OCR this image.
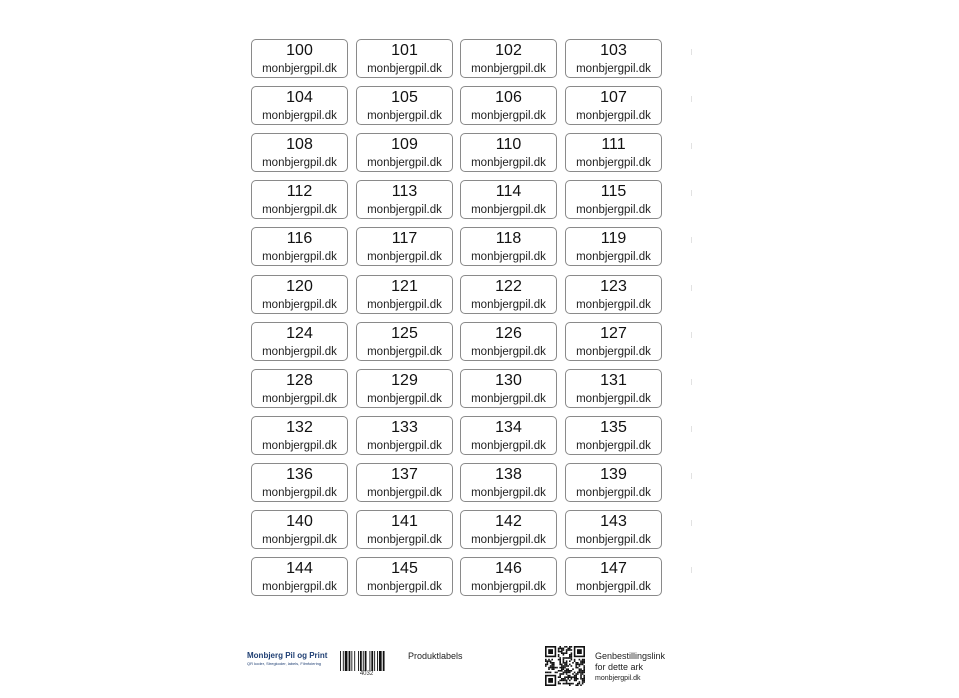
100
monbjergpil.dk
101
monbjergpil.dk
102
monbjergpil.dk
103
monbjergpil.dk
104
monbjergpil.dk
105
monbjergpil.dk
106
monbjergpil.dk
107
monbjergpil.dk
108
monbjergpil.dk
109
monbjergpil.dk
110
monbjergpil.dk
111
monbjergpil.dk
112
monbjergpil.dk
113
monbjergpil.dk
114
monbjergpil.dk
115
monbjergpil.dk
116
monbjergpil.dk
117
monbjergpil.dk
118
monbjergpil.dk
119
monbjergpil.dk
120
monbjergpil.dk
121
monbjergpil.dk
122
monbjergpil.dk
123
monbjergpil.dk
124
monbjergpil.dk
125
monbjergpil.dk
126
monbjergpil.dk
127
monbjergpil.dk
128
monbjergpil.dk
129
monbjergpil.dk
130
monbjergpil.dk
131
monbjergpil.dk
132
monbjergpil.dk
133
monbjergpil.dk
134
monbjergpil.dk
135
monbjergpil.dk
136
monbjergpil.dk
137
monbjergpil.dk
138
monbjergpil.dk
139
monbjergpil.dk
140
monbjergpil.dk
141
monbjergpil.dk
142
monbjergpil.dk
143
monbjergpil.dk
144
monbjergpil.dk
145
monbjergpil.dk
146
monbjergpil.dk
147
monbjergpil.dk
Monbjerg Pil og Print
QR koder, Stregkoder, labels, Filmfoiering
4032
Produktlabels	Genbestillingslink
for dette ark
monbjergpil.dk
